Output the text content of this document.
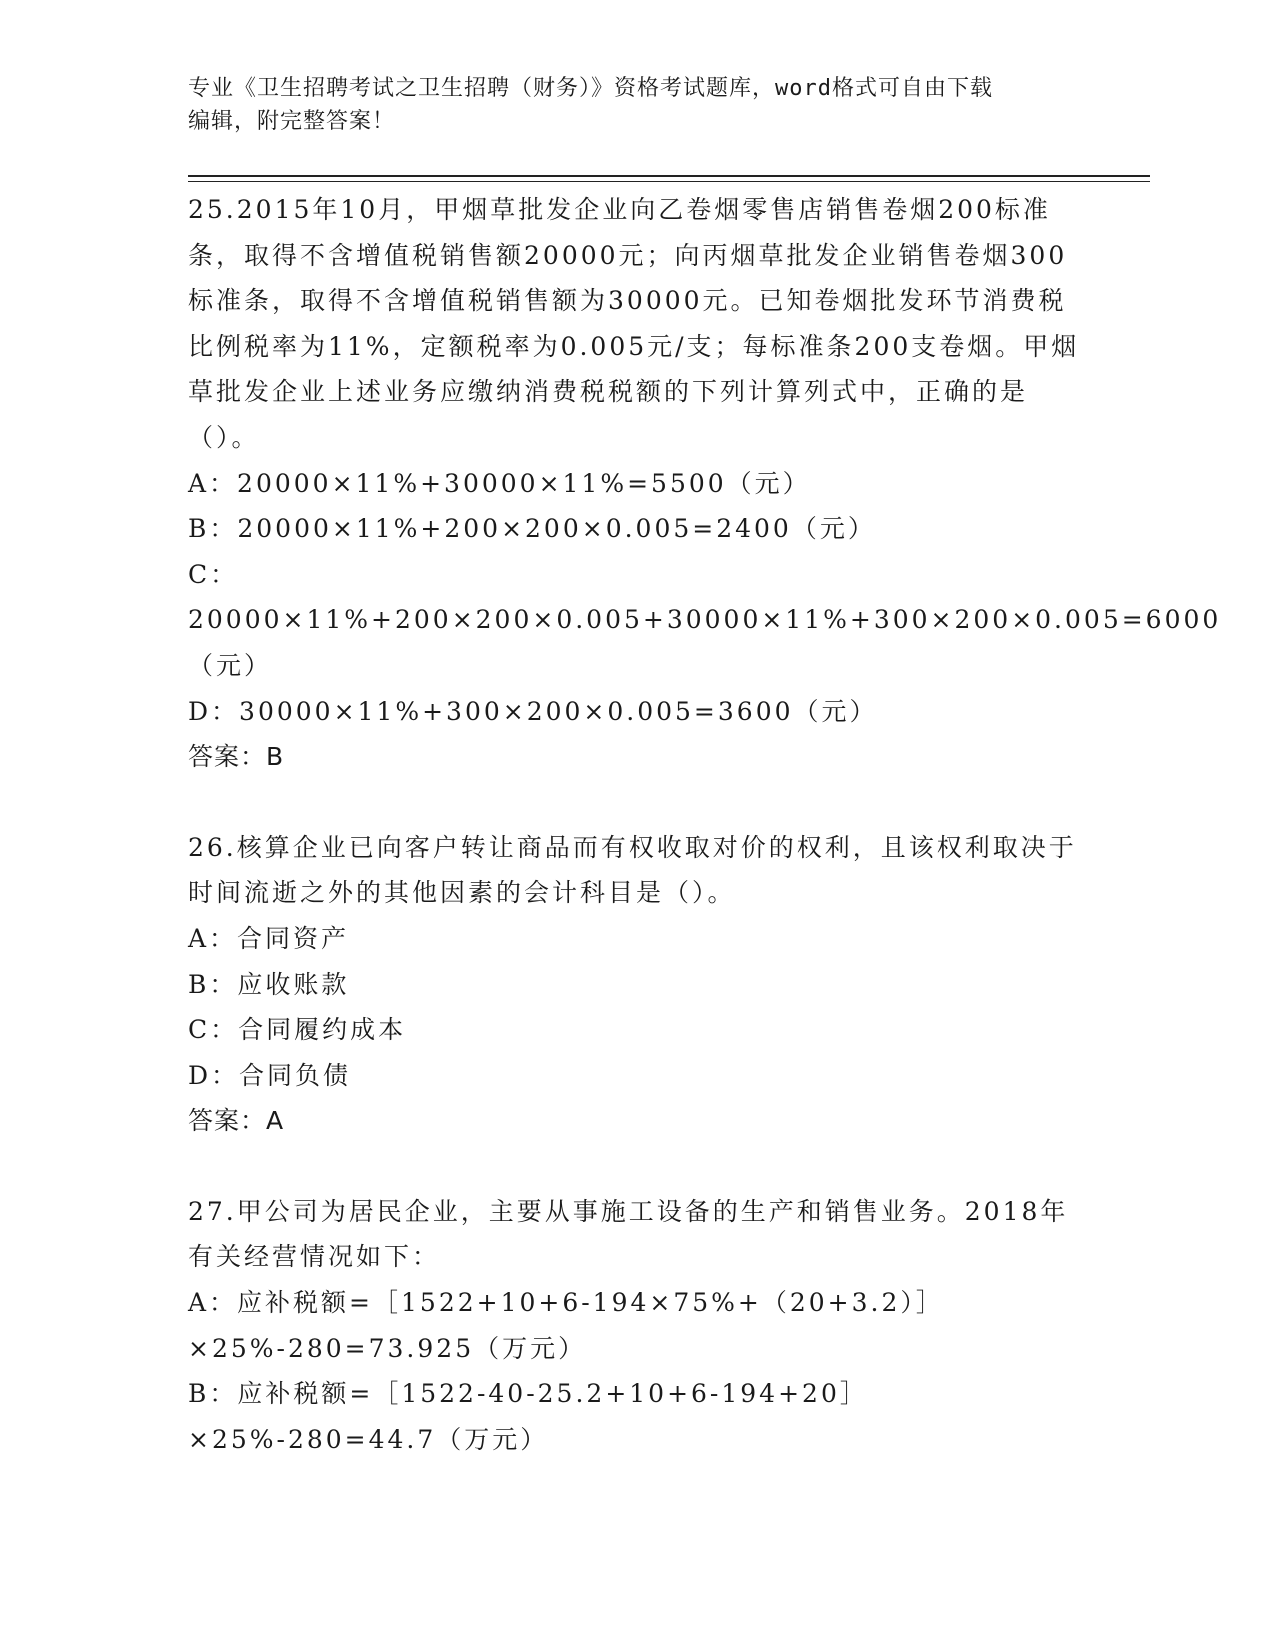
专业《卫生招聘考试之卫生招聘（财务）》资格考试题库，word格式可自由下载
编辑，附完整答案！

25.2015年10月，甲烟草批发企业向乙卷烟零售店销售卷烟200标准条，取得不含增值税销售额20000元；向丙烟草批发企业销售卷烟300标准条，取得不含增值税销售额为30000元。已知卷烟批发环节消费税比例税率为11%，定额税率为0.005元/支；每标准条200支卷烟。甲烟草批发企业上述业务应缴纳消费税税额的下列计算列式中，正确的是（）。

A：20000×11%+30000×11%=5500（元）

B：20000×11%+200×200×0.005=2400（元）

C：20000×11%+200×200×0.005+30000×11%+300×200×0.005=6000（元）

D：30000×11%+300×200×0.005=3600（元）

答案：B

26.核算企业已向客户转让商品而有权收取对价的权利，且该权利取决于时间流逝之外的其他因素的会计科目是（）。

A：合同资产

B：应收账款

C：合同履约成本

D：合同负债

答案：A

27.甲公司为居民企业，主要从事施工设备的生产和销售业务。2018年有关经营情况如下：

A：应补税额=［1522+10+6-194×75%+（20+3.2）］×25%-280=73.925（万元）

B：应补税额=［1522-40-25.2+10+6-194+20］×25%-280=44.7（万元）
